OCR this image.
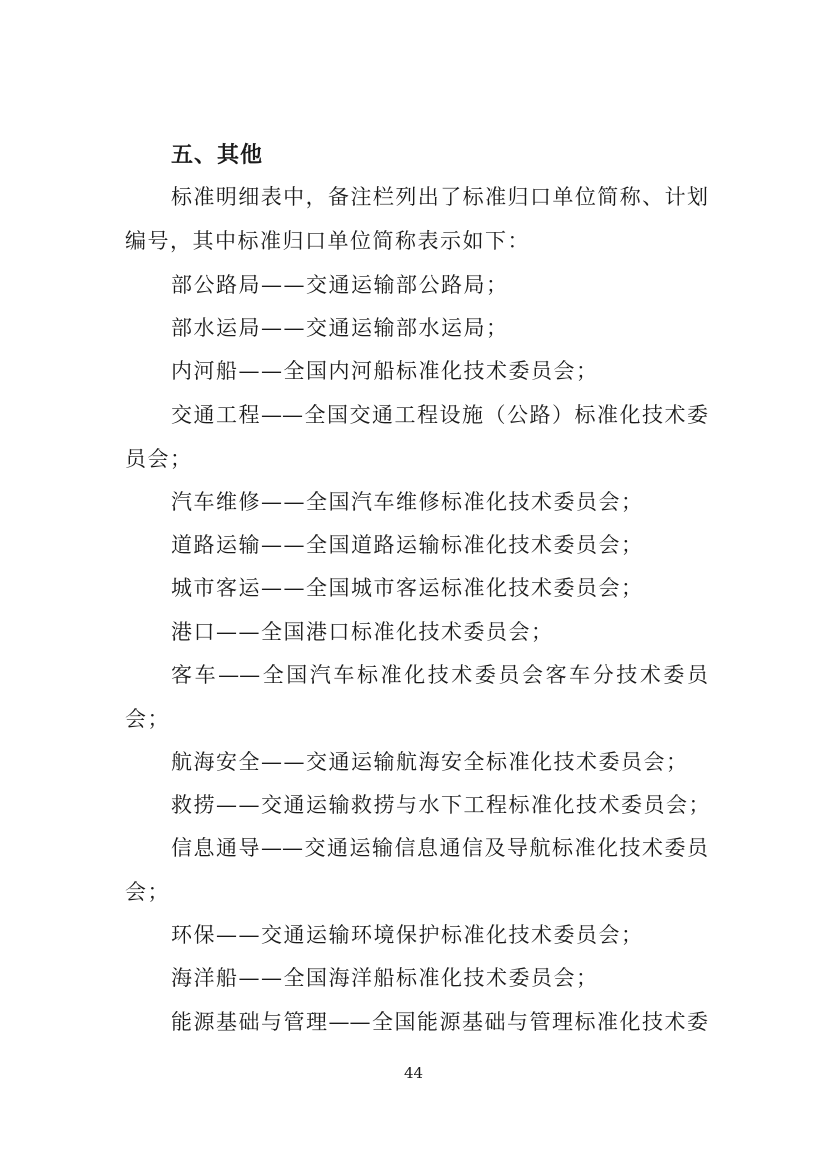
五、其他
标准明细表中，备注栏列出了标准归口单位简称、计划
编号，其中标准归口单位简称表示如下：
部公路局——交通运输部公路局；
部水运局——交通运输部水运局；
内河船——全国内河船标准化技术委员会；
交通工程——全国交通工程设施（公路）标准化技术委
员会；
汽车维修——全国汽车维修标准化技术委员会；
道路运输——全国道路运输标准化技术委员会；
城市客运——全国城市客运标准化技术委员会；
港口——全国港口标准化技术委员会；
客车——全国汽车标准化技术委员会客车分技术委员
会；
航海安全——交通运输航海安全标准化技术委员会；
救捞——交通运输救捞与水下工程标准化技术委员会；
信息通导——交通运输信息通信及导航标准化技术委员
会；
环保——交通运输环境保护标准化技术委员会；
海洋船——全国海洋船标准化技术委员会；
能源基础与管理——全国能源基础与管理标准化技术委
44
